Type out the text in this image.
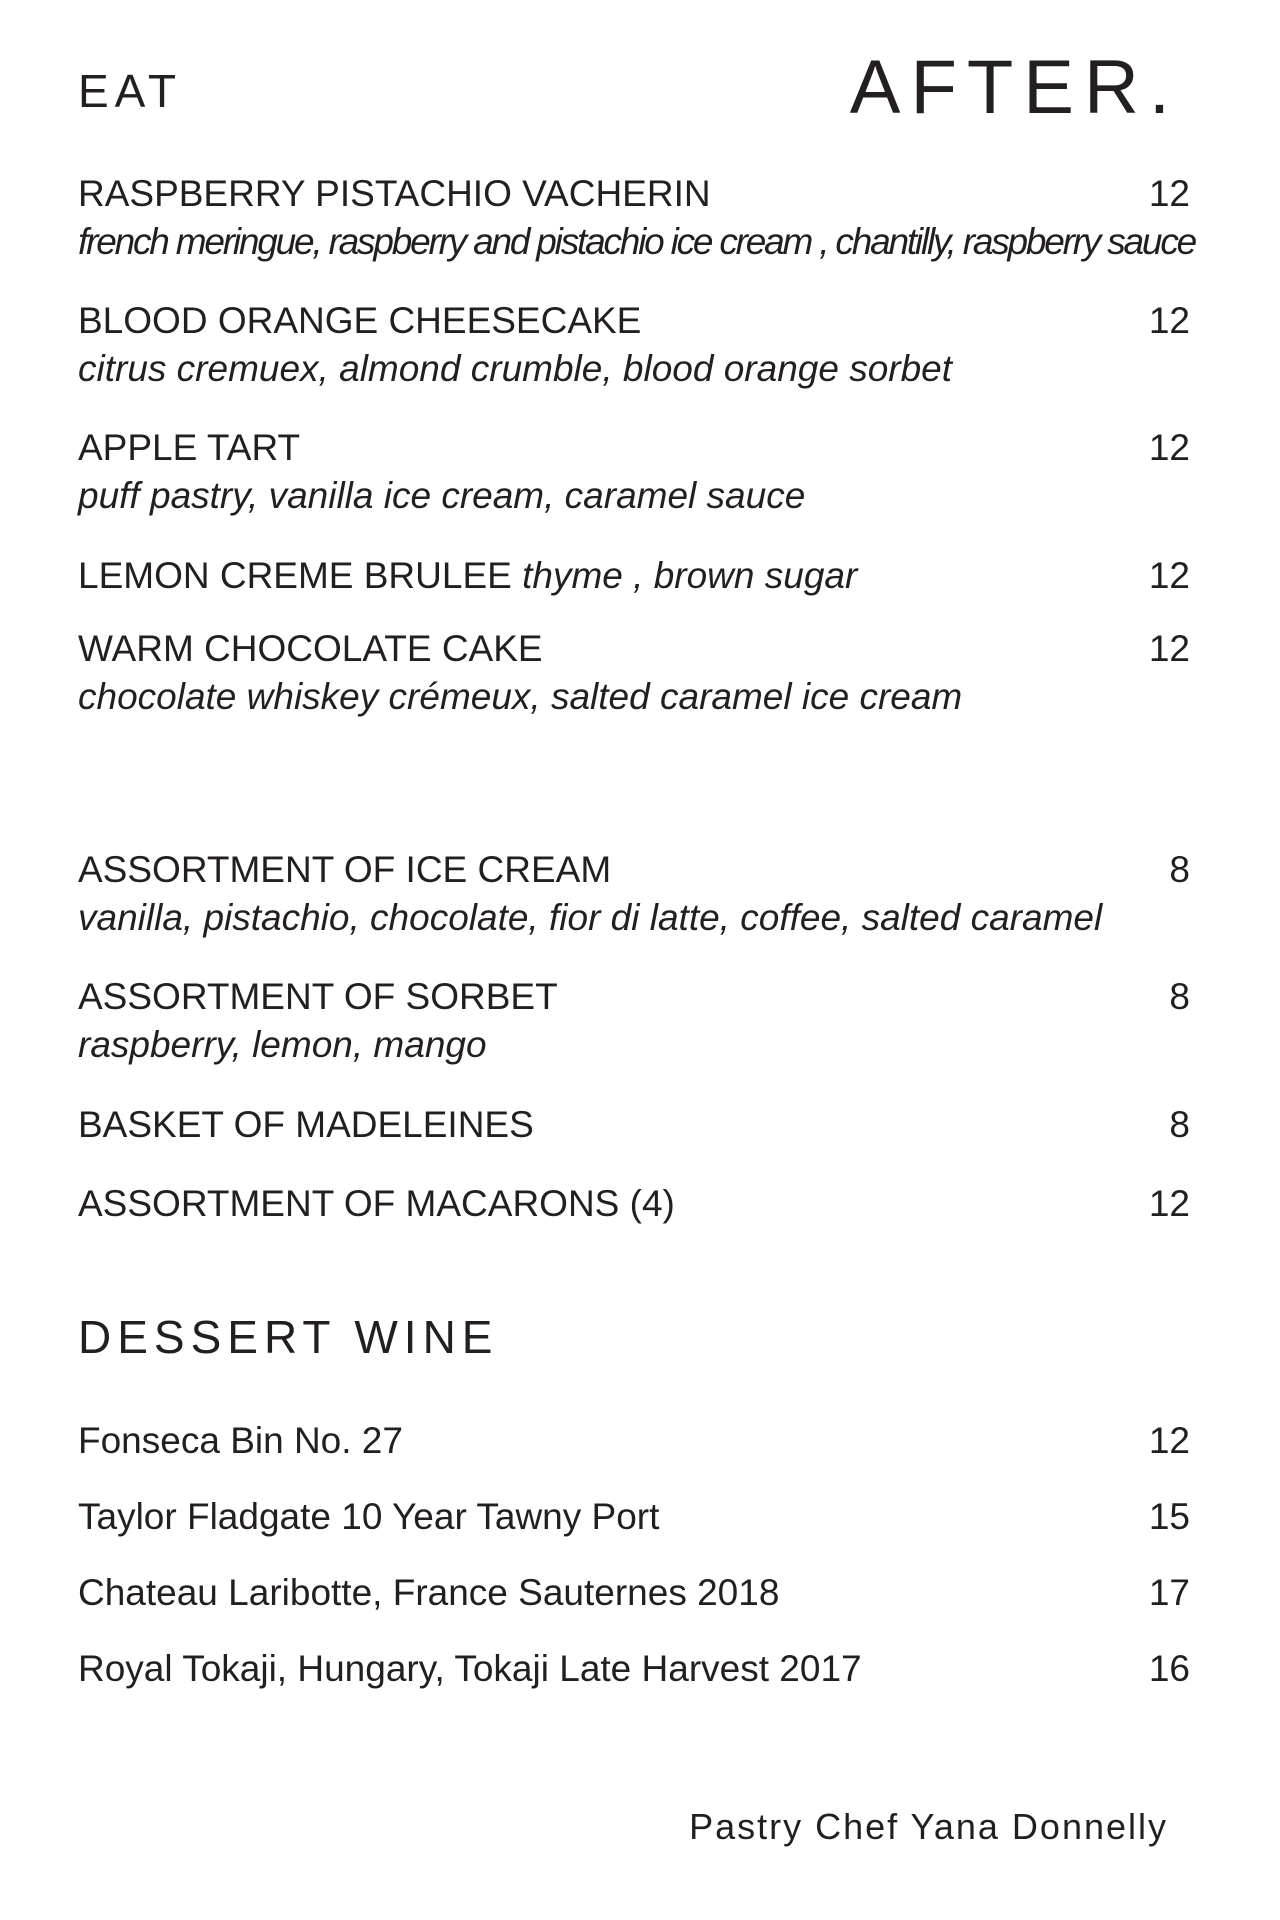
EAT	AFTER.
RASPBERRY PISTACHIO VACHERIN	12
french meringue, raspberry and pistachio ice cream , chantilly, raspberry sauce
BLOOD ORANGE CHEESECAKE	12
citrus cremuex, almond crumble, blood orange sorbet
APPLE TART	12
puff pastry, vanilla ice cream, caramel sauce
LEMON CREME BRULEE thyme , brown sugar	12
WARM CHOCOLATE CAKE	12
chocolate whiskey crémeux, salted caramel ice cream
ASSORTMENT OF ICE CREAM	8
vanilla, pistachio, chocolate, fior di latte, coffee, salted caramel
ASSORTMENT OF SORBET	8
raspberry, lemon, mango
BASKET OF MADELEINES	8
ASSORTMENT OF MACARONS (4)	12
DESSERT WINE
Fonseca Bin No. 27	12
Taylor Fladgate 10 Year Tawny Port	15
Chateau Laribotte, France Sauternes 2018	17
Royal Tokaji, Hungary, Tokaji Late Harvest 2017	16
Pastry Chef Yana Donnelly
